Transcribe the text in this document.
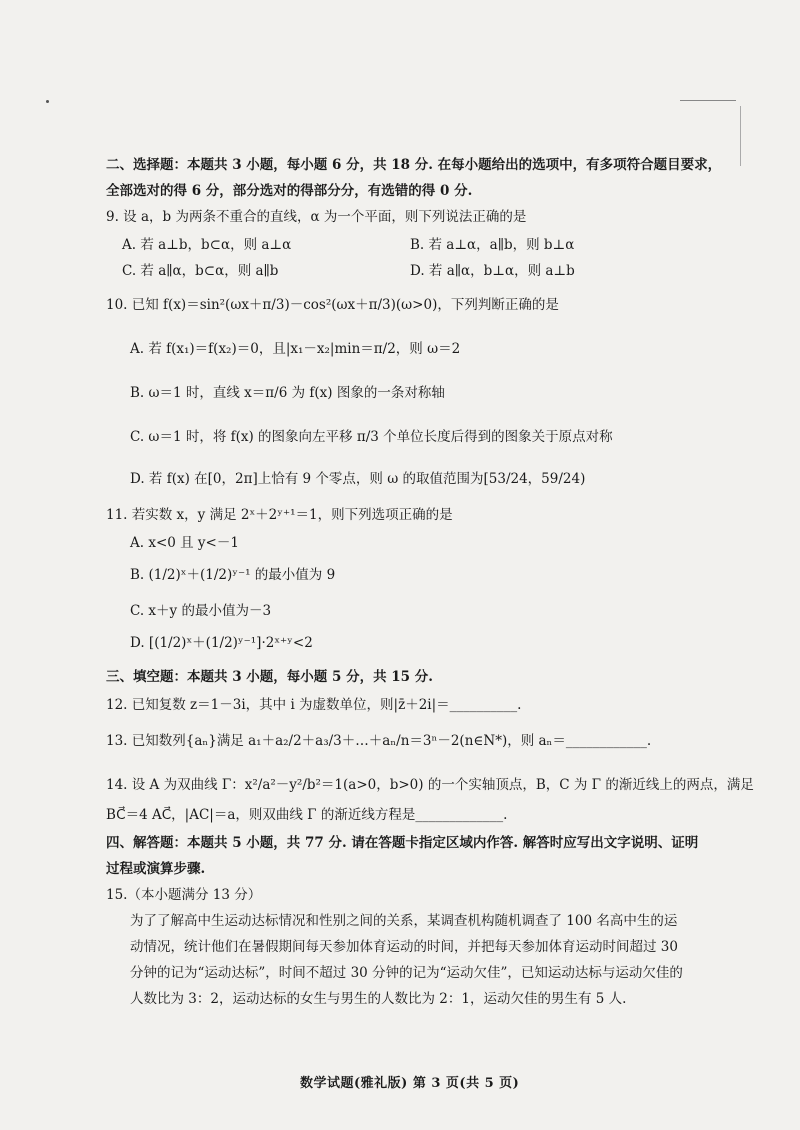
二、选择题：本题共 3 小题，每小题 6 分，共 18 分. 在每小题给出的选项中，有多项符合题目要求，
全部选对的得 6 分，部分选对的得部分分，有选错的得 0 分.
9. 设 a，b 为两条不重合的直线，α 为一个平面，则下列说法正确的是
A. 若 a⊥b，b⊂α，则 a⊥α	B. 若 a⊥α，a∥b，则 b⊥α
C. 若 a∥α，b⊂α，则 a∥b	D. 若 a∥α，b⊥α，则 a⊥b
10. 已知 f(x)＝sin²(ωx＋π/3)－cos²(ωx＋π/3)(ω>0)，下列判断正确的是
A. 若 f(x₁)＝f(x₂)＝0，且|x₁－x₂|min＝π/2，则 ω＝2
B. ω＝1 时，直线 x＝π/6 为 f(x) 图象的一条对称轴
C. ω＝1 时，将 f(x) 的图象向左平移 π/3 个单位长度后得到的图象关于原点对称
D. 若 f(x) 在[0，2π]上恰有 9 个零点，则 ω 的取值范围为[53/24，59/24)
11. 若实数 x，y 满足 2ˣ＋2ʸ⁺¹＝1，则下列选项正确的是
A. x<0 且 y<－1
B. (1/2)ˣ＋(1/2)ʸ⁻¹ 的最小值为 9
C. x＋y 的最小值为－3
D. [(1/2)ˣ＋(1/2)ʸ⁻¹]·2ˣ⁺ʸ<2
三、填空题：本题共 3 小题，每小题 5 分，共 15 分.
12. 已知复数 z＝1－3i，其中 i 为虚数单位，则|z̄＋2i|＝__________.
13. 已知数列{aₙ}满足 a₁＋a₂/2＋a₃/3＋…＋aₙ/n＝3ⁿ－2(n∈N*)，则 aₙ＝____________.
14. 设 A 为双曲线 Γ：x²/a²－y²/b²＝1(a>0，b>0) 的一个实轴顶点，B，C 为 Γ 的渐近线上的两点，满足
BC⃗＝4 AC⃗，|AC|＝a，则双曲线 Γ 的渐近线方程是_____________.
四、解答题：本题共 5 小题，共 77 分. 请在答题卡指定区域内作答. 解答时应写出文字说明、证明
过程或演算步骤.
15.（本小题满分 13 分）
为了了解高中生运动达标情况和性别之间的关系，某调查机构随机调查了 100 名高中生的运
动情况，统计他们在暑假期间每天参加体育运动的时间，并把每天参加体育运动时间超过 30
分钟的记为“运动达标”，时间不超过 30 分钟的记为“运动欠佳”，已知运动达标与运动欠佳的
人数比为 3：2，运动达标的女生与男生的人数比为 2：1，运动欠佳的男生有 5 人.
数学试题(雅礼版) 第 3 页(共 5 页)
